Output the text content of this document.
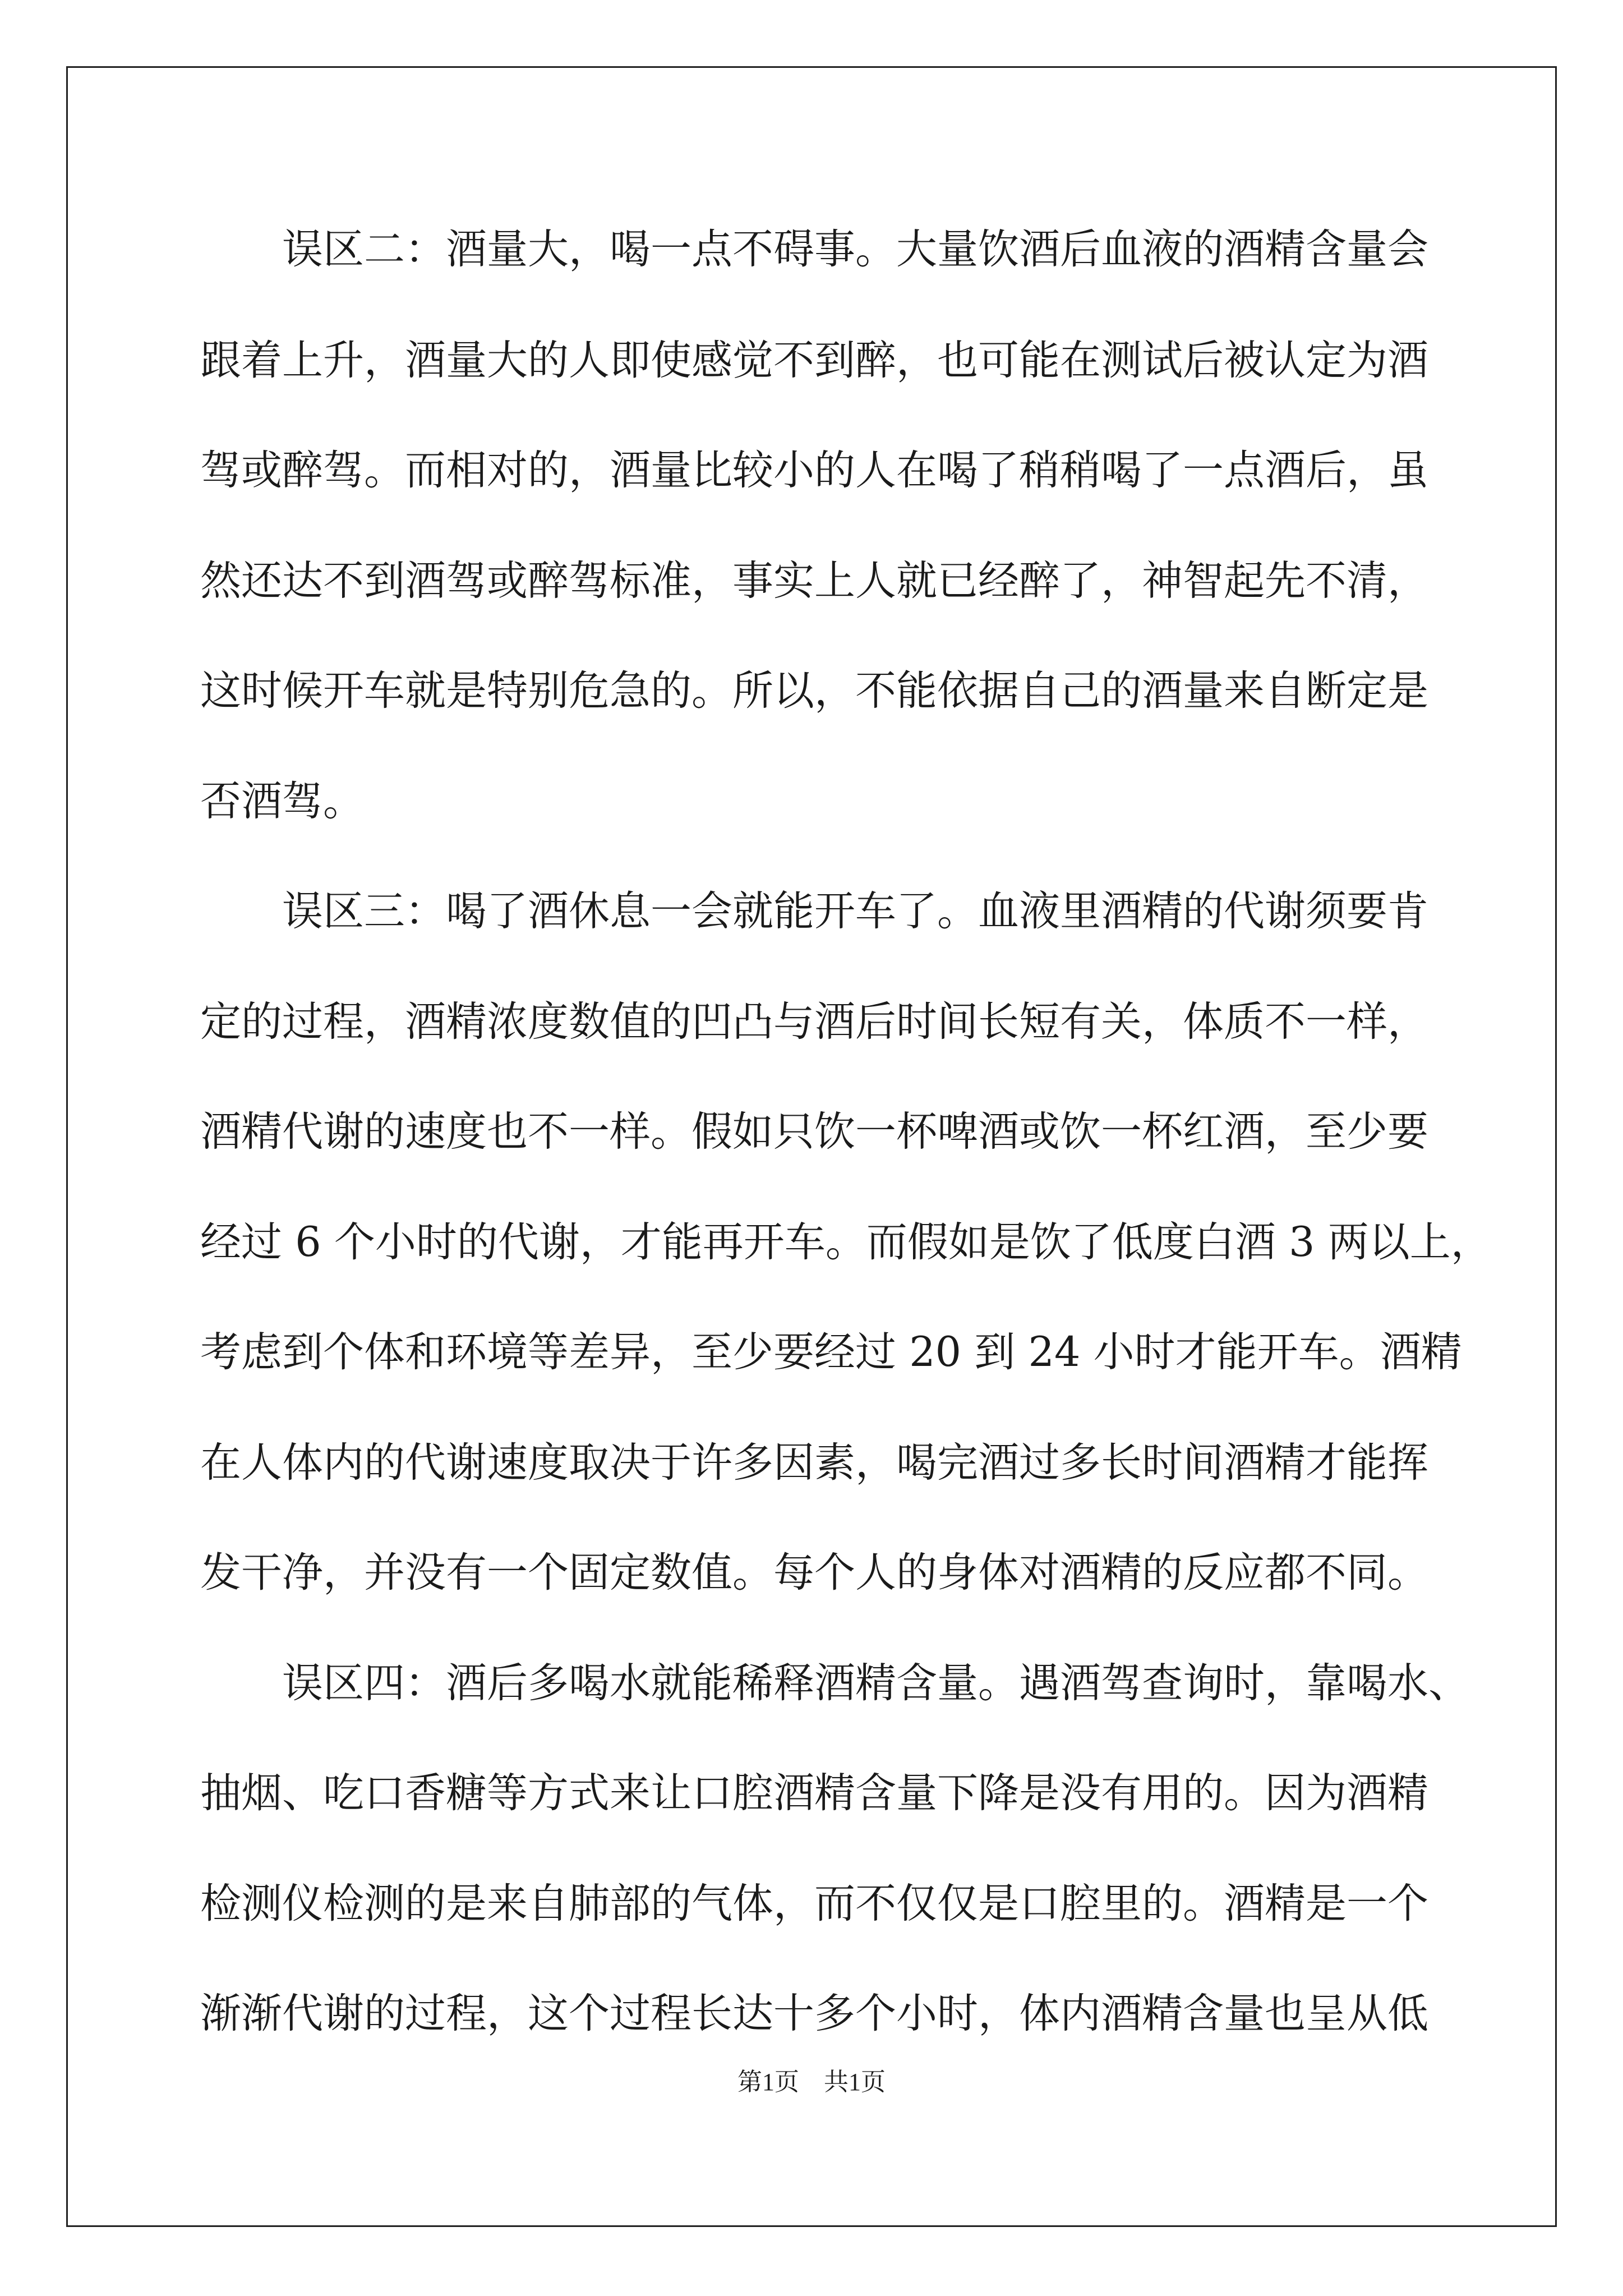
　　误区二：酒量大，喝一点不碍事。大量饮酒后血液的酒精含量会
跟着上升，酒量大的人即使感觉不到醉，也可能在测试后被认定为酒
驾或醉驾。而相对的，酒量比较小的人在喝了稍稍喝了一点酒后，虽
然还达不到酒驾或醉驾标准，事实上人就已经醉了，神智起先不清，
这时候开车就是特别危急的。所以，不能依据自己的酒量来自断定是
否酒驾。
　　误区三：喝了酒休息一会就能开车了。血液里酒精的代谢须要肯
定的过程，酒精浓度数值的凹凸与酒后时间长短有关，体质不一样，
酒精代谢的速度也不一样。假如只饮一杯啤酒或饮一杯红酒，至少要
经过 6 个小时的代谢，才能再开车。而假如是饮了低度白酒 3 两以上，
考虑到个体和环境等差异，至少要经过 20 到 24 小时才能开车。酒精
在人体内的代谢速度取决于许多因素，喝完酒过多长时间酒精才能挥
发干净，并没有一个固定数值。每个人的身体对酒精的反应都不同。
　　误区四：酒后多喝水就能稀释酒精含量。遇酒驾查询时，靠喝水、
抽烟、吃口香糖等方式来让口腔酒精含量下降是没有用的。因为酒精
检测仪检测的是来自肺部的气体，而不仅仅是口腔里的。酒精是一个
渐渐代谢的过程，这个过程长达十多个小时，体内酒精含量也呈从低
第1页　共1页
